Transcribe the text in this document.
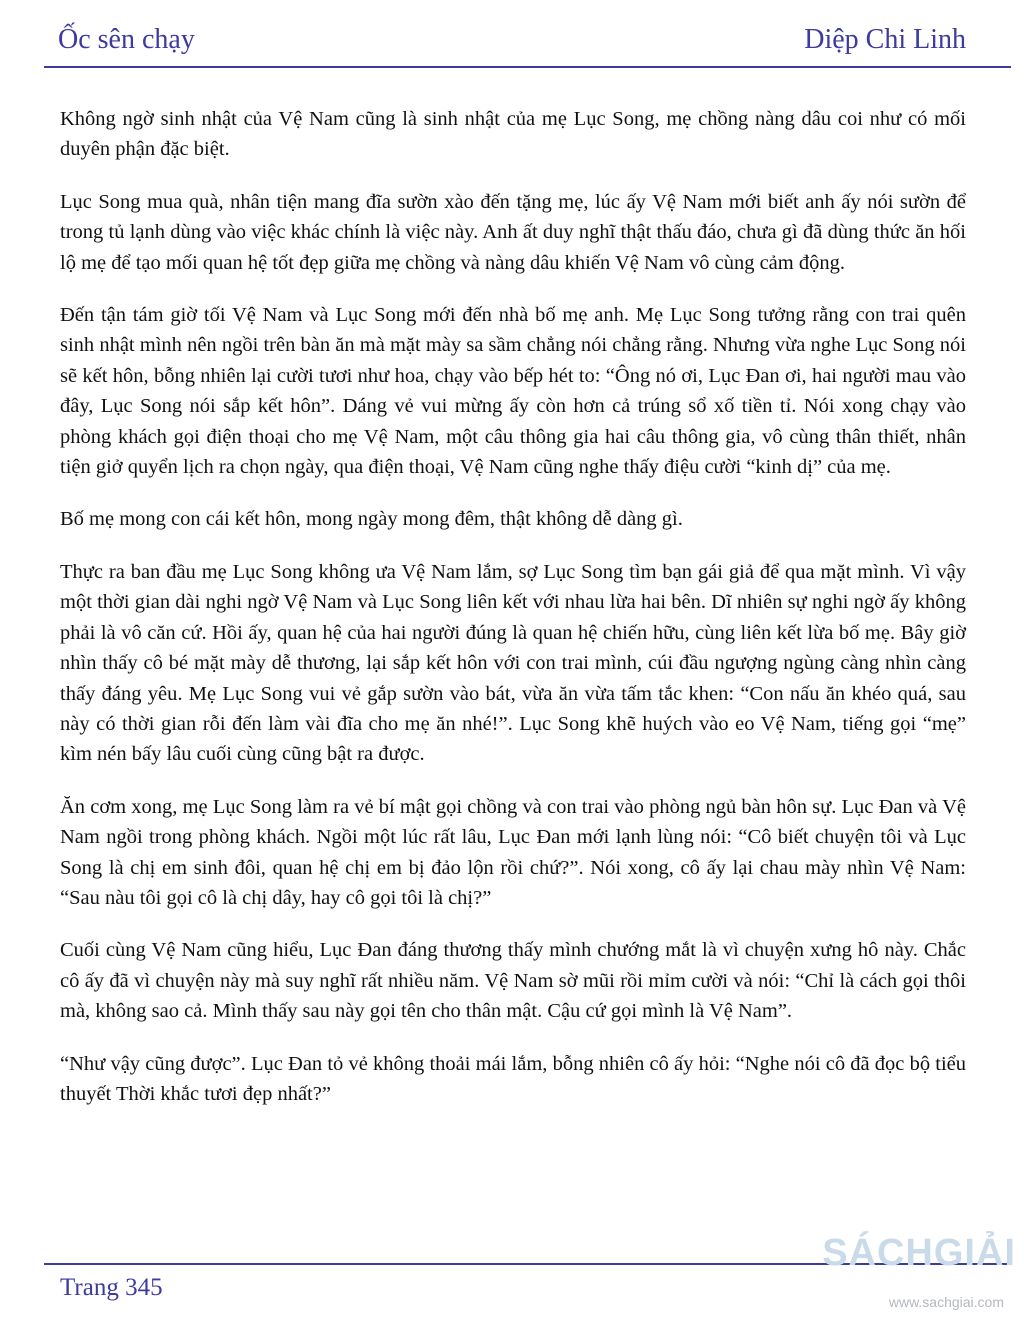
Ốc sên chạy	Diệp Chi Linh

Không ngờ sinh nhật của Vệ Nam cũng là sinh nhật của mẹ Lục Song, mẹ chồng nàng dâu coi như có mối duyên phận đặc biệt.

Lục Song mua quà, nhân tiện mang đĩa sườn xào đến tặng mẹ, lúc ấy Vệ Nam mới biết anh ấy nói sườn để trong tủ lạnh dùng vào việc khác chính là việc này. Anh ất duy nghĩ thật thấu đáo, chưa gì đã dùng thức ăn hối lộ mẹ để tạo mối quan hệ tốt đẹp giữa mẹ chồng và nàng dâu khiến Vệ Nam vô cùng cảm động.

Đến tận tám giờ tối Vệ Nam và Lục Song mới đến nhà bố mẹ anh. Mẹ Lục Song tưởng rằng con trai quên sinh nhật mình nên ngồi trên bàn ăn mà mặt mày sa sầm chẳng nói chẳng rằng. Nhưng vừa nghe Lục Song nói sẽ kết hôn, bỗng nhiên lại cười tươi như hoa, chạy vào bếp hét to: “Ông nó ơi, Lục Đan ơi, hai người mau vào đây, Lục Song nói sắp kết hôn”. Dáng vẻ vui mừng ấy còn hơn cả trúng sổ xố tiền tỉ. Nói xong chạy vào phòng khách gọi điện thoại cho mẹ Vệ Nam, một câu thông gia hai câu thông gia, vô cùng thân thiết, nhân tiện giở quyển lịch ra chọn ngày, qua điện thoại, Vệ Nam cũng nghe thấy điệu cười “kinh dị” của mẹ.

Bố mẹ mong con cái kết hôn, mong ngày mong đêm, thật không dễ dàng gì.

Thực ra ban đầu mẹ Lục Song không ưa Vệ Nam lắm, sợ Lục Song tìm bạn gái giả để qua mặt mình. Vì vậy một thời gian dài nghi ngờ Vệ Nam và Lục Song liên kết với nhau lừa hai bên. Dĩ nhiên sự nghi ngờ ấy không phải là vô căn cứ. Hồi ấy, quan hệ của hai người đúng là quan hệ chiến hữu, cùng liên kết lừa bố mẹ. Bây giờ nhìn thấy cô bé mặt mày dễ thương, lại sắp kết hôn với con trai mình, cúi đầu ngượng ngùng càng nhìn càng thấy đáng yêu. Mẹ Lục Song vui vẻ gắp sườn vào bát, vừa ăn vừa tấm tắc khen: “Con nấu ăn khéo quá, sau này có thời gian rỗi đến làm vài đĩa cho mẹ ăn nhé!”. Lục Song khẽ huých vào eo Vệ Nam, tiếng gọi “mẹ” kìm nén bấy lâu cuối cùng cũng bật ra được.

Ăn cơm xong, mẹ Lục Song làm ra vẻ bí mật gọi chồng và con trai vào phòng ngủ bàn hôn sự. Lục Đan và Vệ Nam ngồi trong phòng khách. Ngồi một lúc rất lâu, Lục Đan mới lạnh lùng nói: “Cô biết chuyện tôi và Lục Song là chị em sinh đôi, quan hệ chị em bị đảo lộn rồi chứ?”. Nói xong, cô ấy lại chau mày nhìn Vệ Nam: “Sau nàu tôi gọi cô là chị dây, hay cô gọi tôi là chị?”

Cuối cùng Vệ Nam cũng hiểu, Lục Đan đáng thương thấy mình chướng mắt là vì chuyện xưng hô này. Chắc cô ấy đã vì chuyện này mà suy nghĩ rất nhiều năm. Vệ Nam sờ mũi rồi mỉm cười và nói: “Chỉ là cách gọi thôi mà, không sao cả. Mình thấy sau này gọi tên cho thân mật. Cậu cứ gọi mình là Vệ Nam”.

“Như vậy cũng được”. Lục Đan tỏ vẻ không thoải mái lắm, bỗng nhiên cô ấy hỏi: “Nghe nói cô đã đọc bộ tiểu thuyết Thời khắc tươi đẹp nhất?”

Trang 345
SÁCHGIẢI
www.sachgiai.com
